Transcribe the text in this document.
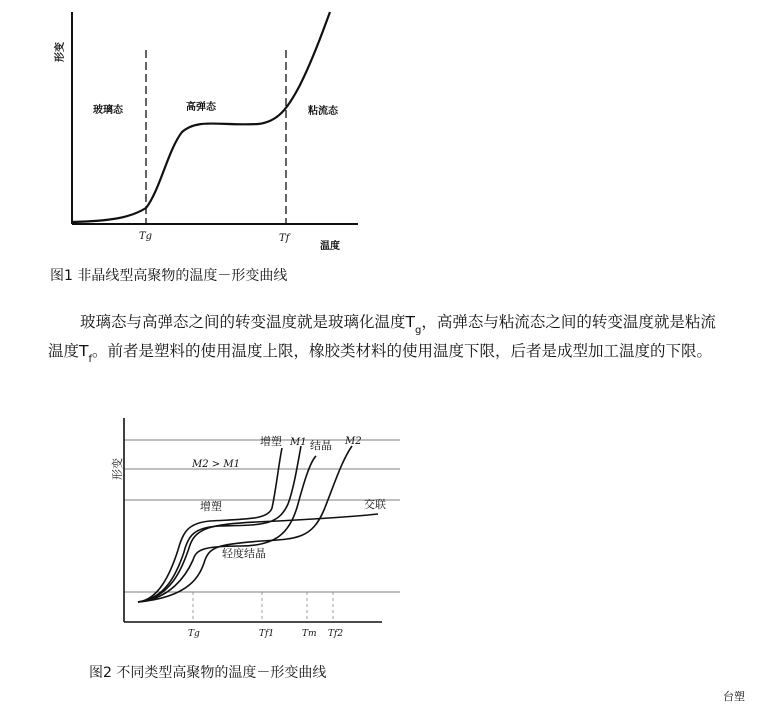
形变
玻璃态	高弹态	粘流态
Tg	Tf
温度
图1 非晶线型高聚物的温度－形变曲线
玻璃态与高弹态之间的转变温度就是玻璃化温度$T_g$，高弹态与粘流态之间的转变温度就是粘流温度$T_f$。前者是塑料的使用温度上限，橡胶类材料的使用温度下限，后者是成型加工温度的下限。
形变
增塑 M1 结晶 M2
M2 > M1
增塑	交联
轻度结晶
Tg	Tf1	Tm Tf2
图2 不同类型高聚物的温度－形变曲线
台塑
